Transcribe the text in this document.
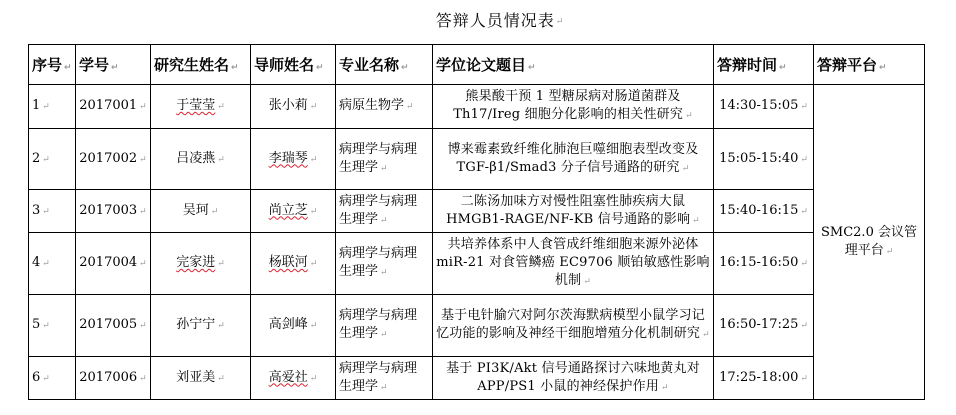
答辩人员情况表↵
序号 ↵	学号 ↵	研究生姓名 ↵	导师姓名 ↵	专业名称 ↵	学位论文题目 ↵	答辩时间 ↵	答辩平台 ↵
1 ↵	2017001 ↵	于莹莹 ↵	张小莉 ↵	病原生物学 ↵	熊果酸干预 1 型糖尿病对肠道菌群及 Th17/Ireg 细胞分化影响的相关性研究 ↵	14:30-15:05 ↵	SMC2.0 会议管理平台 ↵
2 ↵	2017002 ↵	吕凌燕 ↵	李瑞琴 ↵	病理学与病理生理学 ↵	博来霉素致纤维化肺泡巨噬细胞表型改变及 TGF-β1/Smad3 分子信号通路的研究 ↵	15:05-15:40 ↵	
3 ↵	2017003 ↵	吴珂 ↵	尚立芝 ↵	病理学与病理生理学 ↵	二陈汤加味方对慢性阻塞性肺疾病大鼠 HMGB1-RAGE/NF-ΚB 信号通路的影响 ↵	15:40-16:15 ↵	
4 ↵	2017004 ↵	完家进 ↵	杨联河 ↵	病理学与病理生理学 ↵	共培养体系中人食管成纤维细胞来源外泌体 miR-21 对食管鳞癌 EC9706 顺铂敏感性影响机制 ↵	16:15-16:50 ↵	
5 ↵	2017005 ↵	孙宁宁 ↵	高剑峰 ↵	病理学与病理生理学 ↵	基于电针腧穴对阿尔茨海默病模型小鼠学习记忆功能的影响及神经干细胞增殖分化机制研究 ↵	16:50-17:25 ↵	
6 ↵	2017006 ↵	刘亚美 ↵	高爱社 ↵	病理学与病理生理学 ↵	基于 PI3K/Akt 信号通路探讨六味地黄丸对 APP/PS1 小鼠的神经保护作用 ↵	17:25-18:00 ↵	
